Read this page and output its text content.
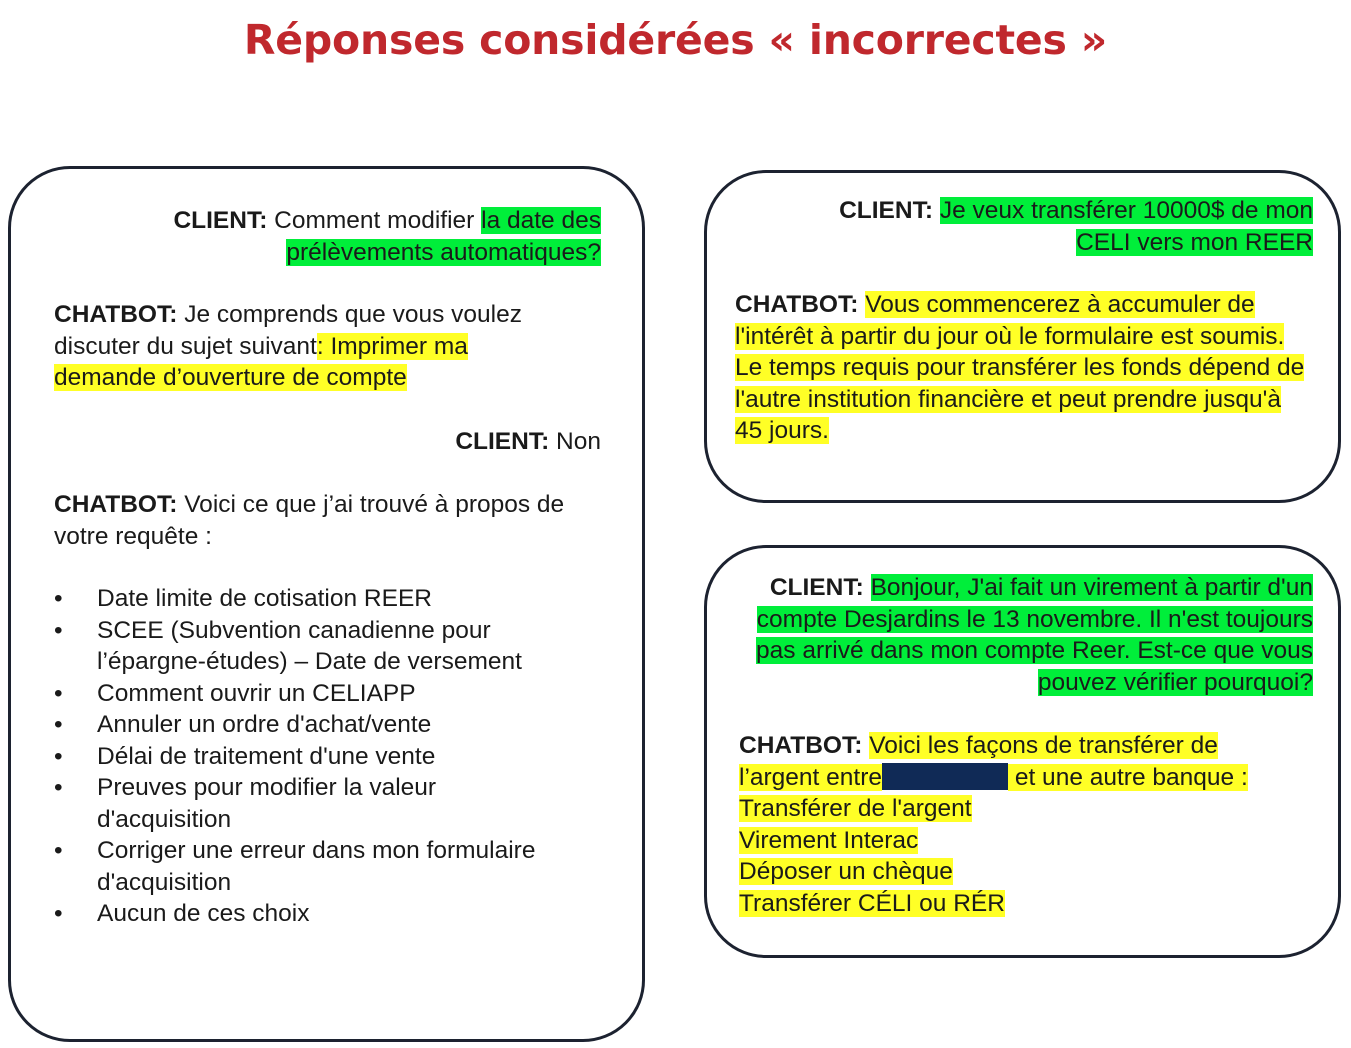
Réponses considérées « incorrectes »
CLIENT: Comment modifier la date des
prélèvements automatiques?
CHATBOT: Je comprends que vous voulez discuter du sujet suivant: Imprimer ma demande d’ouverture de compte
CLIENT: Non
CHATBOT: Voici ce que j’ai trouvé à propos de votre requête :
• Date limite de cotisation REER
• SCEE (Subvention canadienne pour l’épargne-études) – Date de versement
• Comment ouvrir un CELIAPP
• Annuler un ordre d'achat/vente
• Délai de traitement d'une vente
• Preuves pour modifier la valeur d'acquisition
• Corriger une erreur dans mon formulaire d'acquisition
• Aucun de ces choix
CLIENT: Je veux transférer 10000$ de mon
CELI vers mon REER
CHATBOT: Vous commencerez à accumuler de l'intérêt à partir du jour où le formulaire est soumis. Le temps requis pour transférer les fonds dépend de l'autre institution financière et peut prendre jusqu'à 45 jours.
CLIENT: Bonjour, J'ai fait un virement à partir d'un compte Desjardins le 13 novembre. Il n'est toujours pas arrivé dans mon compte Reer. Est-ce que vous pouvez vérifier pourquoi?
CHATBOT: Voici les façons de transférer de
l’argent entre	et une autre banque :
Transférer de l'argent
Virement Interac
Déposer un chèque
Transférer CÉLI ou RÉR
